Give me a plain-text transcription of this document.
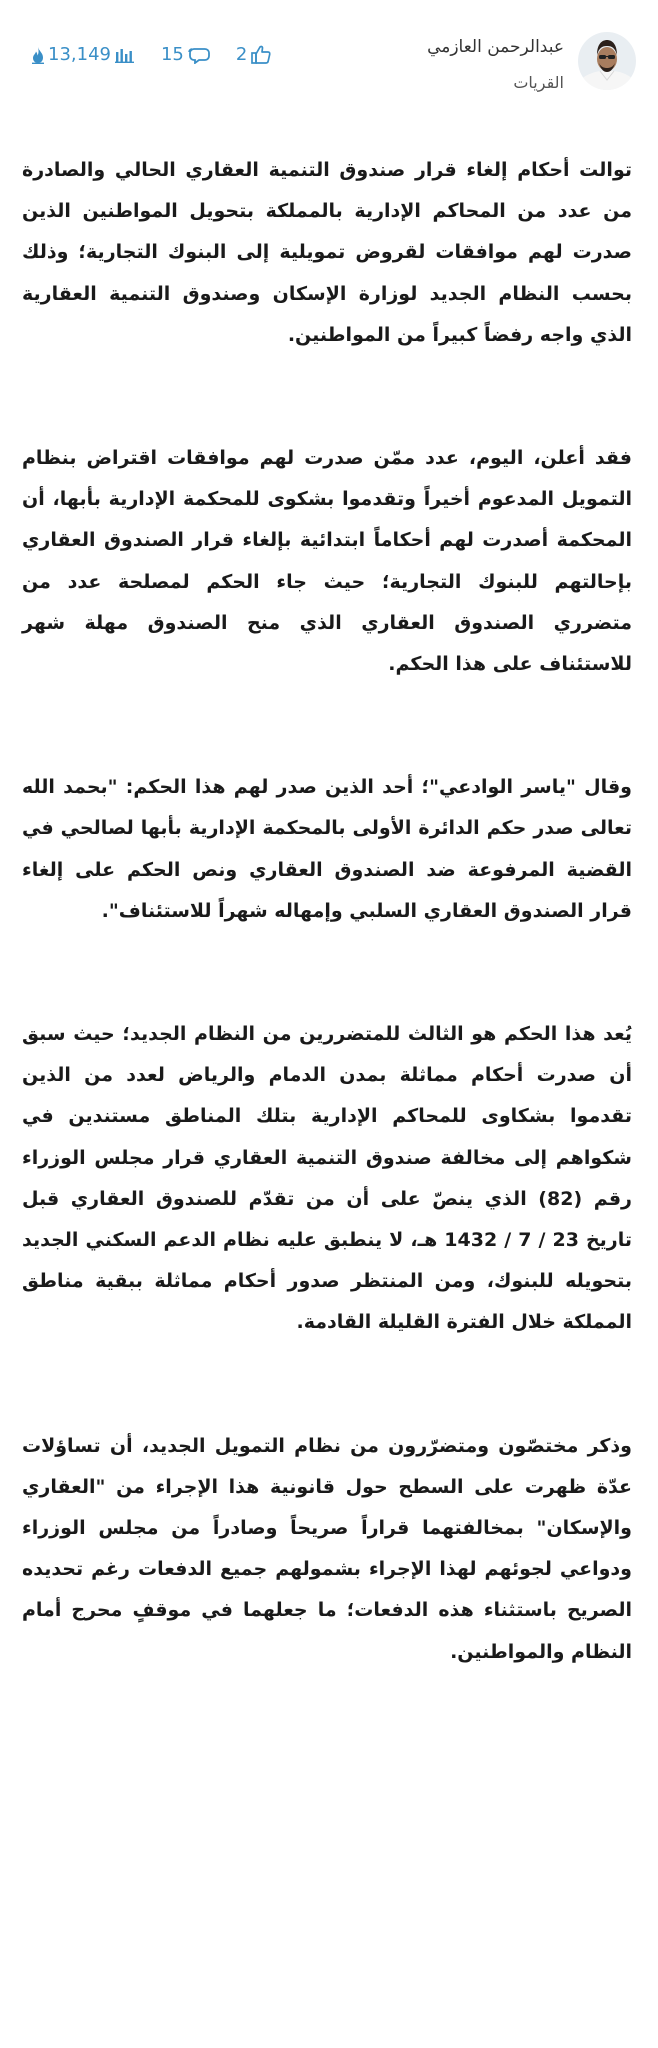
13,149	15	2	عبدالرحمن العازمي
القريات

توالت أحكام إلغاء قرار صندوق التنمية العقاري الحالي والصادرة من عدد من المحاكم الإدارية بالمملكة بتحويل المواطنين الذين صدرت لهم موافقات لقروض تمويلية إلى البنوك التجارية؛ وذلك بحسب النظام الجديد لوزارة الإسكان وصندوق التنمية العقارية الذي واجه رفضاً كبيراً من المواطنين.

فقد أعلن، اليوم، عدد ممّن صدرت لهم موافقات اقتراض بنظام التمويل المدعوم أخيراً وتقدموا بشكوى للمحكمة الإدارية بأبها، أن المحكمة أصدرت لهم أحكاماً ابتدائية بإلغاء قرار الصندوق العقاري بإحالتهم للبنوك التجارية؛ حيث جاء الحكم لمصلحة عدد من متضرري الصندوق العقاري الذي منح الصندوق مهلة شهر للاستئناف على هذا الحكم.

وقال "ياسر الوادعي"؛ أحد الذين صدر لهم هذا الحكم: "بحمد الله تعالى صدر حكم الدائرة الأولى بالمحكمة الإدارية بأبها لصالحي في القضية المرفوعة ضد الصندوق العقاري ونص الحكم على إلغاء قرار الصندوق العقاري السلبي وإمهاله شهراً للاستئناف".

يُعد هذا الحكم هو الثالث للمتضررين من النظام الجديد؛ حيث سبق أن صدرت أحكام مماثلة بمدن الدمام والرياض لعدد من الذين تقدموا بشكاوى للمحاكم الإدارية بتلك المناطق مستندين في شكواهم إلى مخالفة صندوق التنمية العقاري قرار مجلس الوزراء رقم (82) الذي ينصّ على أن من تقدّم للصندوق العقاري قبل تاريخ 23 / 7 / 1432 هـ، لا ينطبق عليه نظام الدعم السكني الجديد بتحويله للبنوك، ومن المنتظر صدور أحكام مماثلة ببقية مناطق المملكة خلال الفترة القليلة القادمة.

وذكر مختصّون ومتضرّرون من نظام التمويل الجديد، أن تساؤلات عدّة ظهرت على السطح حول قانونية هذا الإجراء من "العقاري والإسكان" بمخالفتهما قراراً صريحاً وصادراً من مجلس الوزراء ودواعي لجوئهم لهذا الإجراء بشمولهم جميع الدفعات رغم تحديده الصريح باستثناء هذه الدفعات؛ ما جعلهما في موقفٍ محرج أمام النظام والمواطنين.
